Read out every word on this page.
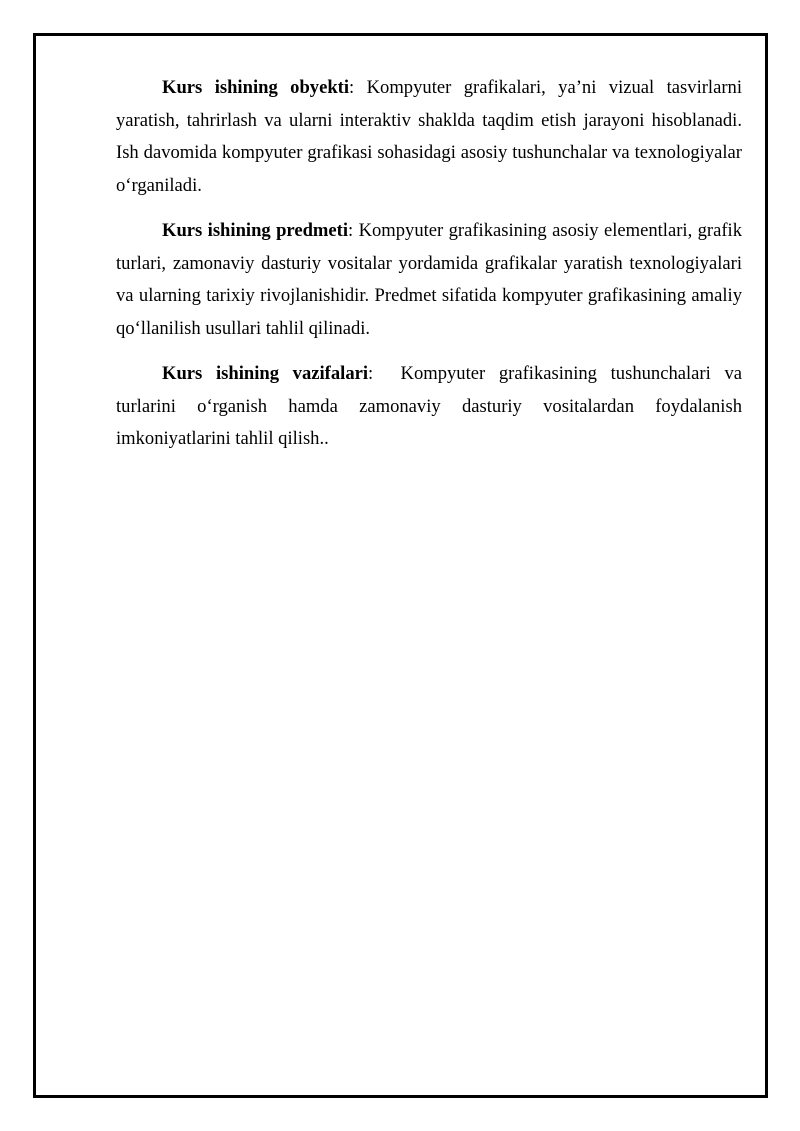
Kurs ishining obyekti: Kompyuter grafikalari, ya’ni vizual tasvirlarni yaratish, tahrirlash va ularni interaktiv shaklda taqdim etish jarayoni hisoblanadi. Ish davomida kompyuter grafikasi sohasidagi asosiy tushunchalar va texnologiyalar o‘rganiladi.

Kurs ishining predmeti: Kompyuter grafikasining asosiy elementlari, grafik turlari, zamonaviy dasturiy vositalar yordamida grafikalar yaratish texnologiyalari va ularning tarixiy rivojlanishidir. Predmet sifatida kompyuter grafikasining amaliy qo‘llanilish usullari tahlil qilinadi.

Kurs ishining vazifalari:  Kompyuter grafikasining tushunchalari va turlarini o‘rganish hamda zamonaviy dasturiy vositalardan foydalanish imkoniyatlarini tahlil qilish..
